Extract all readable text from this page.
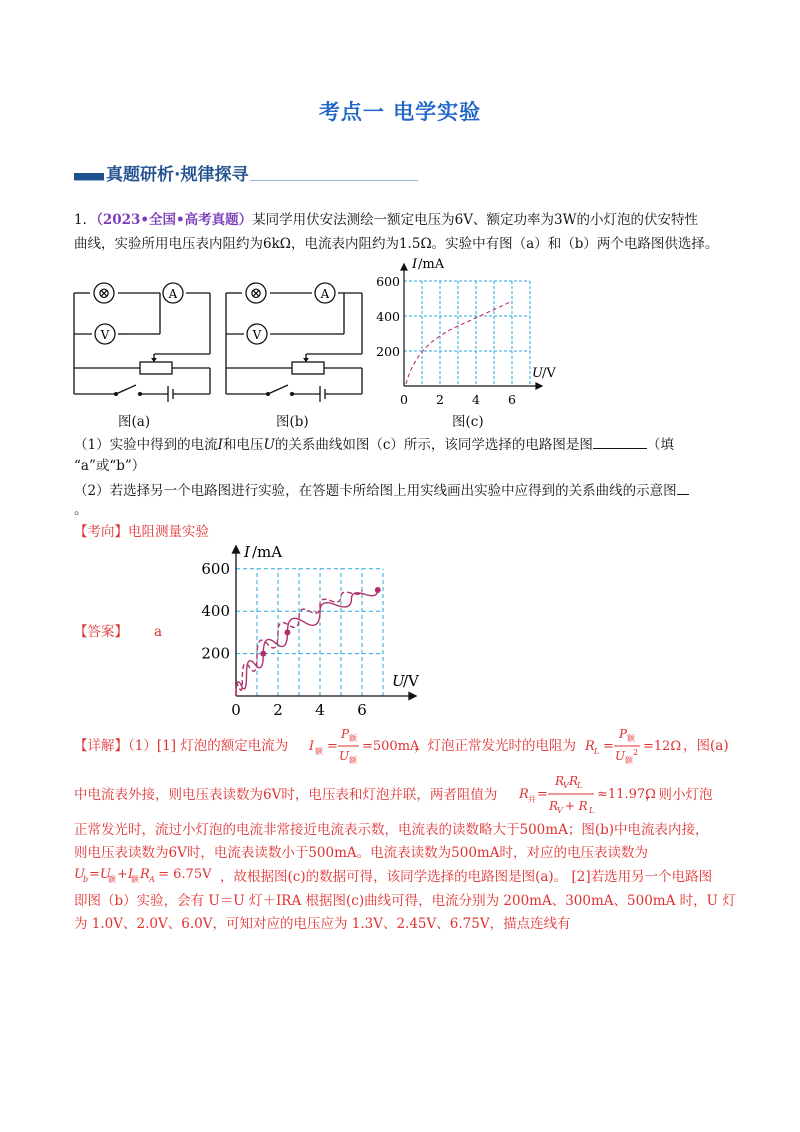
考点一 电学实验
真题研析·规律探寻
1．（2023•全国•高考真题）某同学用伏安法测绘一额定电压为6V、额定功率为3W的小灯泡的伏安特性
曲线，实验所用电压表内阻约为6kΩ，电流表内阻约为1.5Ω。实验中有图（a）和（b）两个电路图供选择。
⊗	A
V
图(a)
⊗	A
V
图(b)
I /mA
U /V
200
400
600
0 2 4 6
图(c)
（1）实验中得到的电流I和电压U的关系曲线如图（c）所示，该同学选择的电路图是图	（填
“a”或“b”）
（2）若选择另一个电路图进行实验，在答题卡所给图上用实线画出实验中应得到的关系曲线的示意图
。
【考向】电阻测量实验
【答案】 a
200
400
600
0 2 4 6
I /mA
U
/V
【详解】（1）[1] 灯泡的额定电流为 I 额 =
P 额
U 额
=500mA
，灯泡正常发光时的电阻为 R L =
P 额
U 额
2 =12Ω ，图(a)
中电流表外接，则电压表读数为6V时，电压表和灯泡并联，两者阻值为 R 并 =
R
V R
L
R
V
+ R L
≈11.97Ω
，则小灯泡
正常发光时，流过小灯泡的电流非常接近电流表示数，电流表的读数略大于500mA；图(b)中电流表内接，
则电压表读数为6V时，电流表读数小于500mA。电流表读数为500mA时，对应的电压表读数为
U
b =U
额 +I
额 R A = 6.75V ，故根据图(c)的数据可得，该同学选择的电路图是图(a)。 [2]若选用另一个电路图
即图（b）实验，会有 U＝U 灯＋IRA 根据图(c)曲线可得，电流分别为 200mA、300mA、500mA 时，U 灯
为 1.0V、2.0V、6.0V，可知对应的电压应为 1.3V、2.45V、6.75V，描点连线有
